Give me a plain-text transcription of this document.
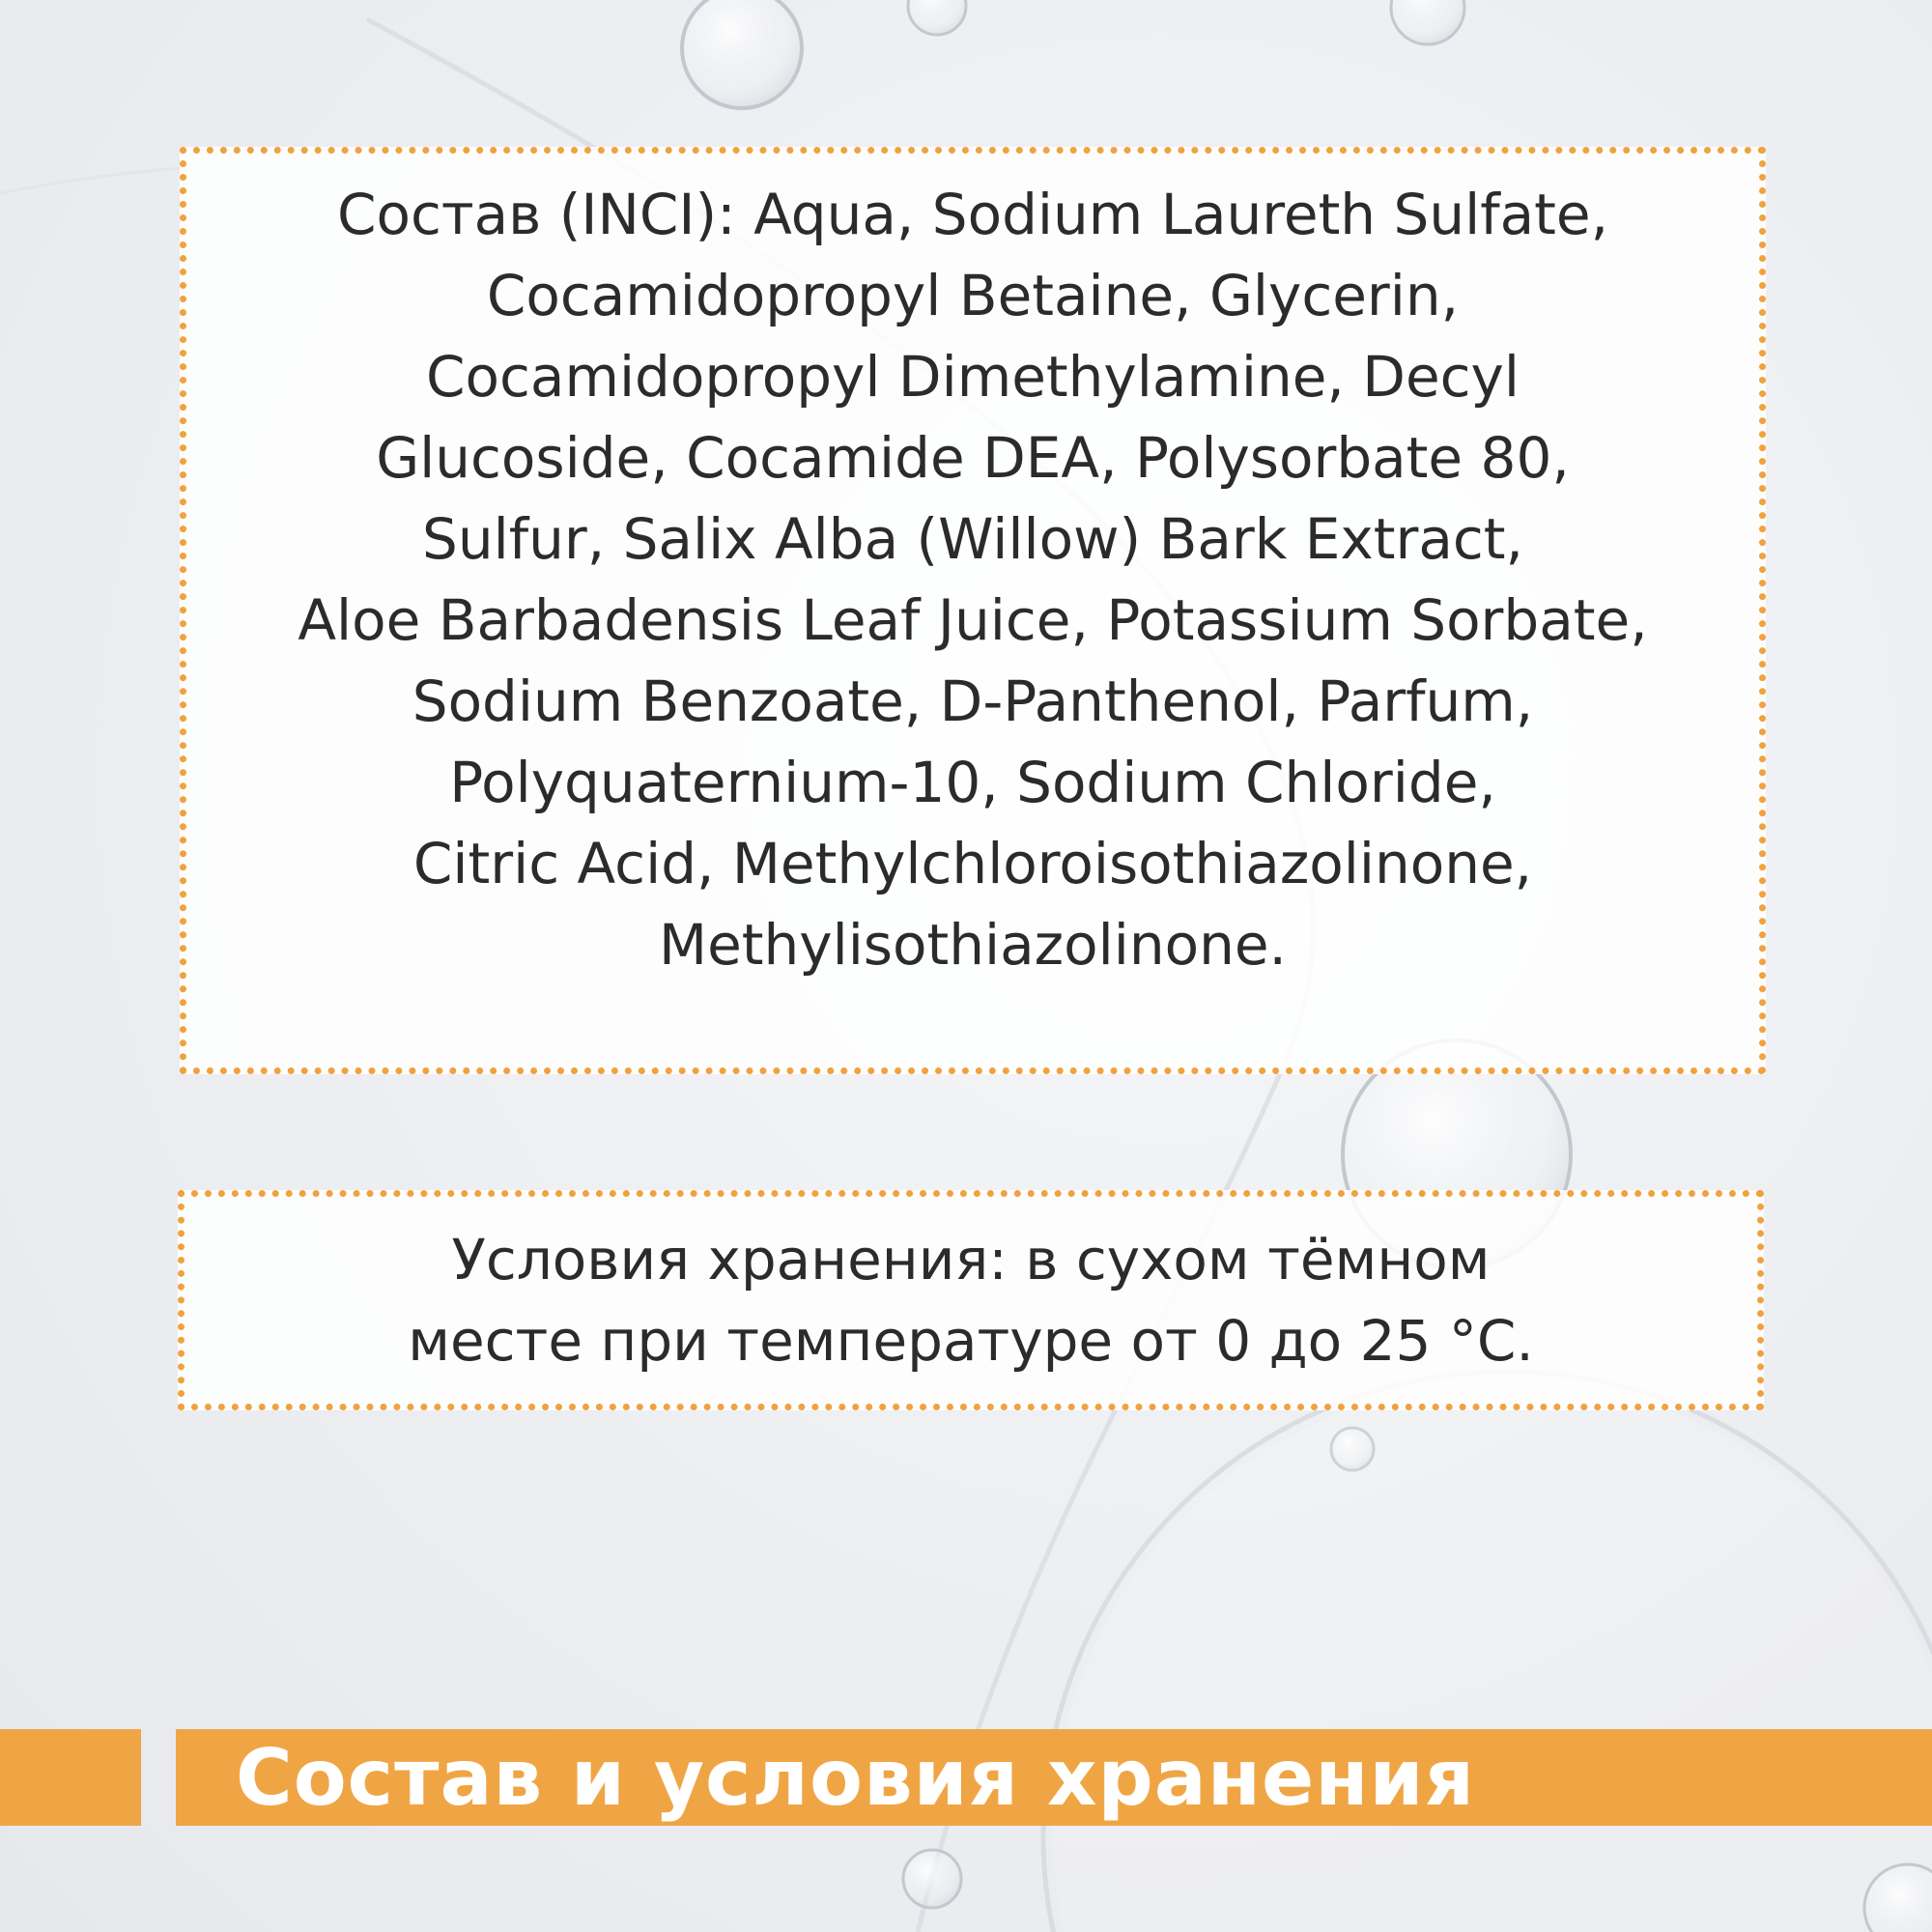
Состав (INCI): Aqua, Sodium Laureth Sulfate,
Cocamidopropyl Betaine, Glycerin,
Cocamidopropyl Dimethylamine, Decyl
Glucoside, Cocamide DEA, Polysorbate 80,
Sulfur, Salix Alba (Willow) Bark Extract,
Aloe Barbadensis Leaf Juice, Potassium Sorbate,
Sodium Benzoate, D-Panthenol, Parfum,
Polyquaternium-10, Sodium Chloride,
Citric Acid, Methylchloroisothiazolinone,
Methylisothiazolinone.
Условия хранения: в сухом тёмном
месте при температуре от 0 до 25 °C.
Состав и условия хранения
